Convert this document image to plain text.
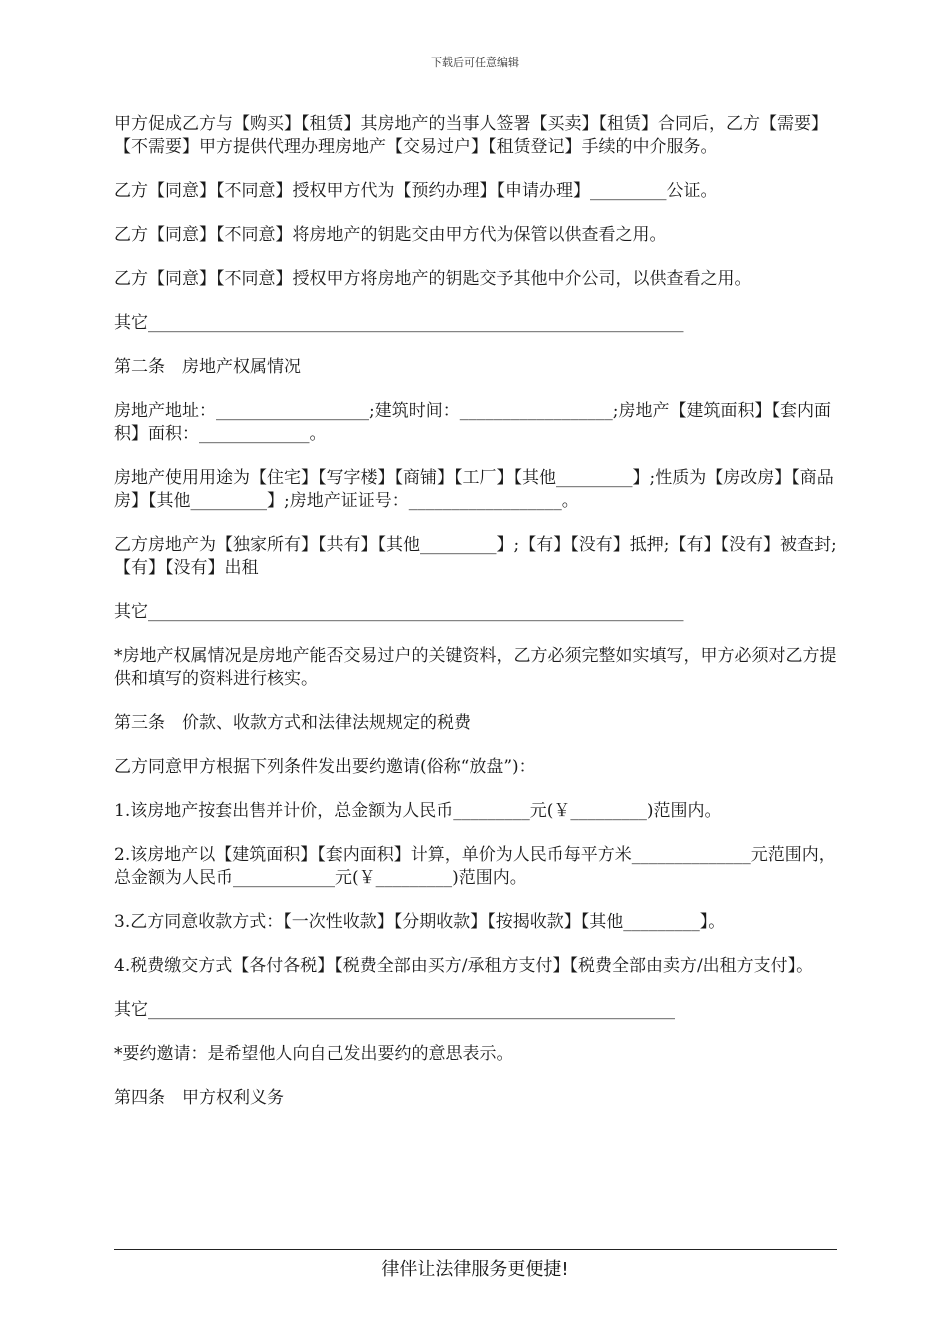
下载后可任意编辑

甲方促成乙方与【购买】【租赁】其房地产的当事人签署【买卖】【租赁】合同后，乙方【需要】【不需要】甲方提供代理办理房地产【交易过户】【租赁登记】手续的中介服务。

乙方【同意】【不同意】授权甲方代为【预约办理】【申请办理】_________公证。

乙方【同意】【不同意】将房地产的钥匙交由甲方代为保管以供查看之用。

乙方【同意】【不同意】授权甲方将房地产的钥匙交予其他中介公司，以供查看之用。

其它_______________________________________________________________

第二条　房地产权属情况

房地产地址：__________________;建筑时间：__________________;房地产【建筑面积】【套内面积】面积：_____________。

房地产使用用途为【住宅】【写字楼】【商铺】【工厂】【其他_________】;性质为【房改房】【商品房】【其他_________】;房地产证证号：__________________。

乙方房地产为【独家所有】【共有】【其他_________】;【有】【没有】抵押;【有】【没有】被查封;【有】【没有】出租

其它_______________________________________________________________

*房地产权属情况是房地产能否交易过户的关键资料，乙方必须完整如实填写，甲方必须对乙方提供和填写的资料进行核实。

第三条　价款、收款方式和法律法规规定的税费

乙方同意甲方根据下列条件发出要约邀请(俗称“放盘”)：

1.该房地产按套出售并计价，总金额为人民币_________元(￥_________)范围内。

2.该房地产以【建筑面积】【套内面积】计算，单价为人民币每平方米______________元范围内，总金额为人民币____________元(￥_________)范围内。

3.乙方同意收款方式：【一次性收款】【分期收款】【按揭收款】【其他_________】。

4.税费缴交方式【各付各税】【税费全部由买方/承租方支付】【税费全部由卖方/出租方支付】。

其它______________________________________________________________

*要约邀请：是希望他人向自己发出要约的意思表示。

第四条　甲方权利义务

律伴让法律服务更便捷!
